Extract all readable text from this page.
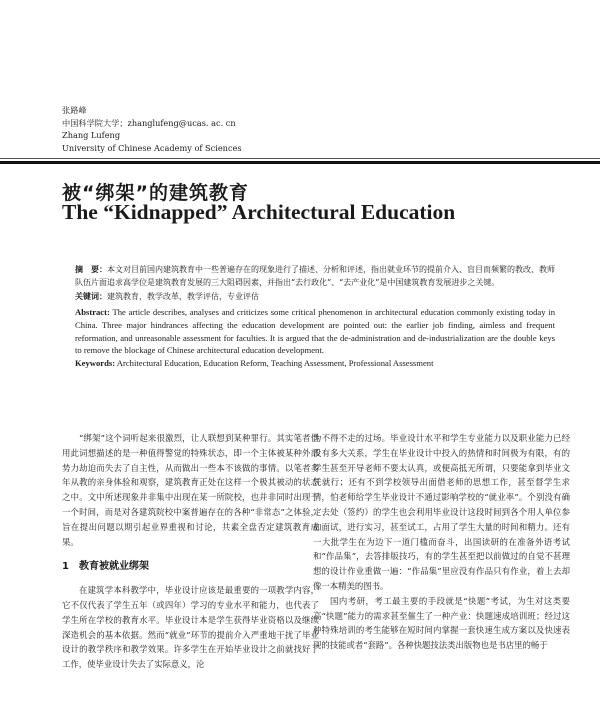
张路峰
中国科学院大学；zhanglufeng@ucas. ac. cn
Zhang Lufeng
University of Chinese Academy of Sciences
被“绑架”的建筑教育
The “Kidnapped” Architectural Education

摘　要：本文对目前国内建筑教育中一些普遍存在的现象进行了描述、分析和评述，指出就业环节的提前介入、盲目而频繁的教改、教师队伍片面追求高学位是建筑教育发展的三大阻碍因素，并指出“去行政化”、“去产业化”是中国建筑教育发展进步之关键。

关键词：建筑教育，教学改革，教学评估，专业评估

Abstract: The article describes, analyses and criticizes some critical phenomenon in architectural education commonly existing today in China. Three major hindrances affecting the education development are pointed out: the earlier job finding, aimless and frequent reformation, and unreasonable assessment for faculties. It is argued that the de-administration and de-industrialization are the double keys to remove the blockage of Chinese architectural education development.

Keywords: Architectural Education, Education Reform, Teaching Assessment, Professional Assessment

“绑架”这个词听起来很激烈，让人联想到某种罪行。其实笔者借用此词想描述的是一种值得警觉的特殊状态，即一个主体被某种外部势力劫迫而失去了自主性，从而做出一些本不该做的事情。以笔者多年从教的亲身体验和观察，建筑教育正处在这样一个极其被动的状态之中。文中所述现象并非集中出现在某一所院校，也并非同时出现于一个时间，而是对各建筑院校中案普遍存在的各种“非常态”之体验，旨在提出问题以期引起业界重视和讨论，共素全盘否定建筑教育成果。

1 教育被就业绑架

在建筑学本科教学中，毕业设计应该是最重要的一项教学内容，它不仅代表了学生五年（或四年）学习的专业水平和能力，也代表了学生所在学校的教育水平。毕业设计本是学生获得毕业资格以及继续深造机会的基本依据。然而“就业”环节的提前介入严重地干扰了毕业设计的教学秩序和教学效果。许多学生在开始毕业设计之前就找好了工作，使毕业设计失去了实际意义，沦

为不得不走的过场。毕业设计水平和学生专业能力以及职业能力已经没有多大关系，学生在毕业设计中投入的热情和时间极为有限，有的学生甚至开导老师不要太认真，或便高抵无所谓，只要能拿到毕业文凭就行；还有不到学校领导出面借老师的思想工作，甚至督学生求情，怕老师给学生毕业设计不通过影响学校的“就业率”。个别没有确定去处（签约）的学生也会利用毕业设计这段时间到各个用人单位参加面试，进行实习，甚至试工，占用了学生大量的时间和精力。还有一大批学生在为边下一道门槛而奋斗，出国读研的在准备外语考试和“作品集”，去答排版技巧，有的学生甚至把以前做过的自觉不甚理想的设计作业重做一遍：“作品集”里应没有作品只有作业，着上去却像一本精美的图书。

国内考研，考工最主要的手段就是“快题”考试，为生对这类要高“快题”能力的需求甚至催生了一种产业：快题速成培训班；经过这种特殊培训的考生能够在短时间内掌握一套快速生成方案以及快速表现的技能或者“套路”。各种快题技法类出版物也是书店里的畅于
